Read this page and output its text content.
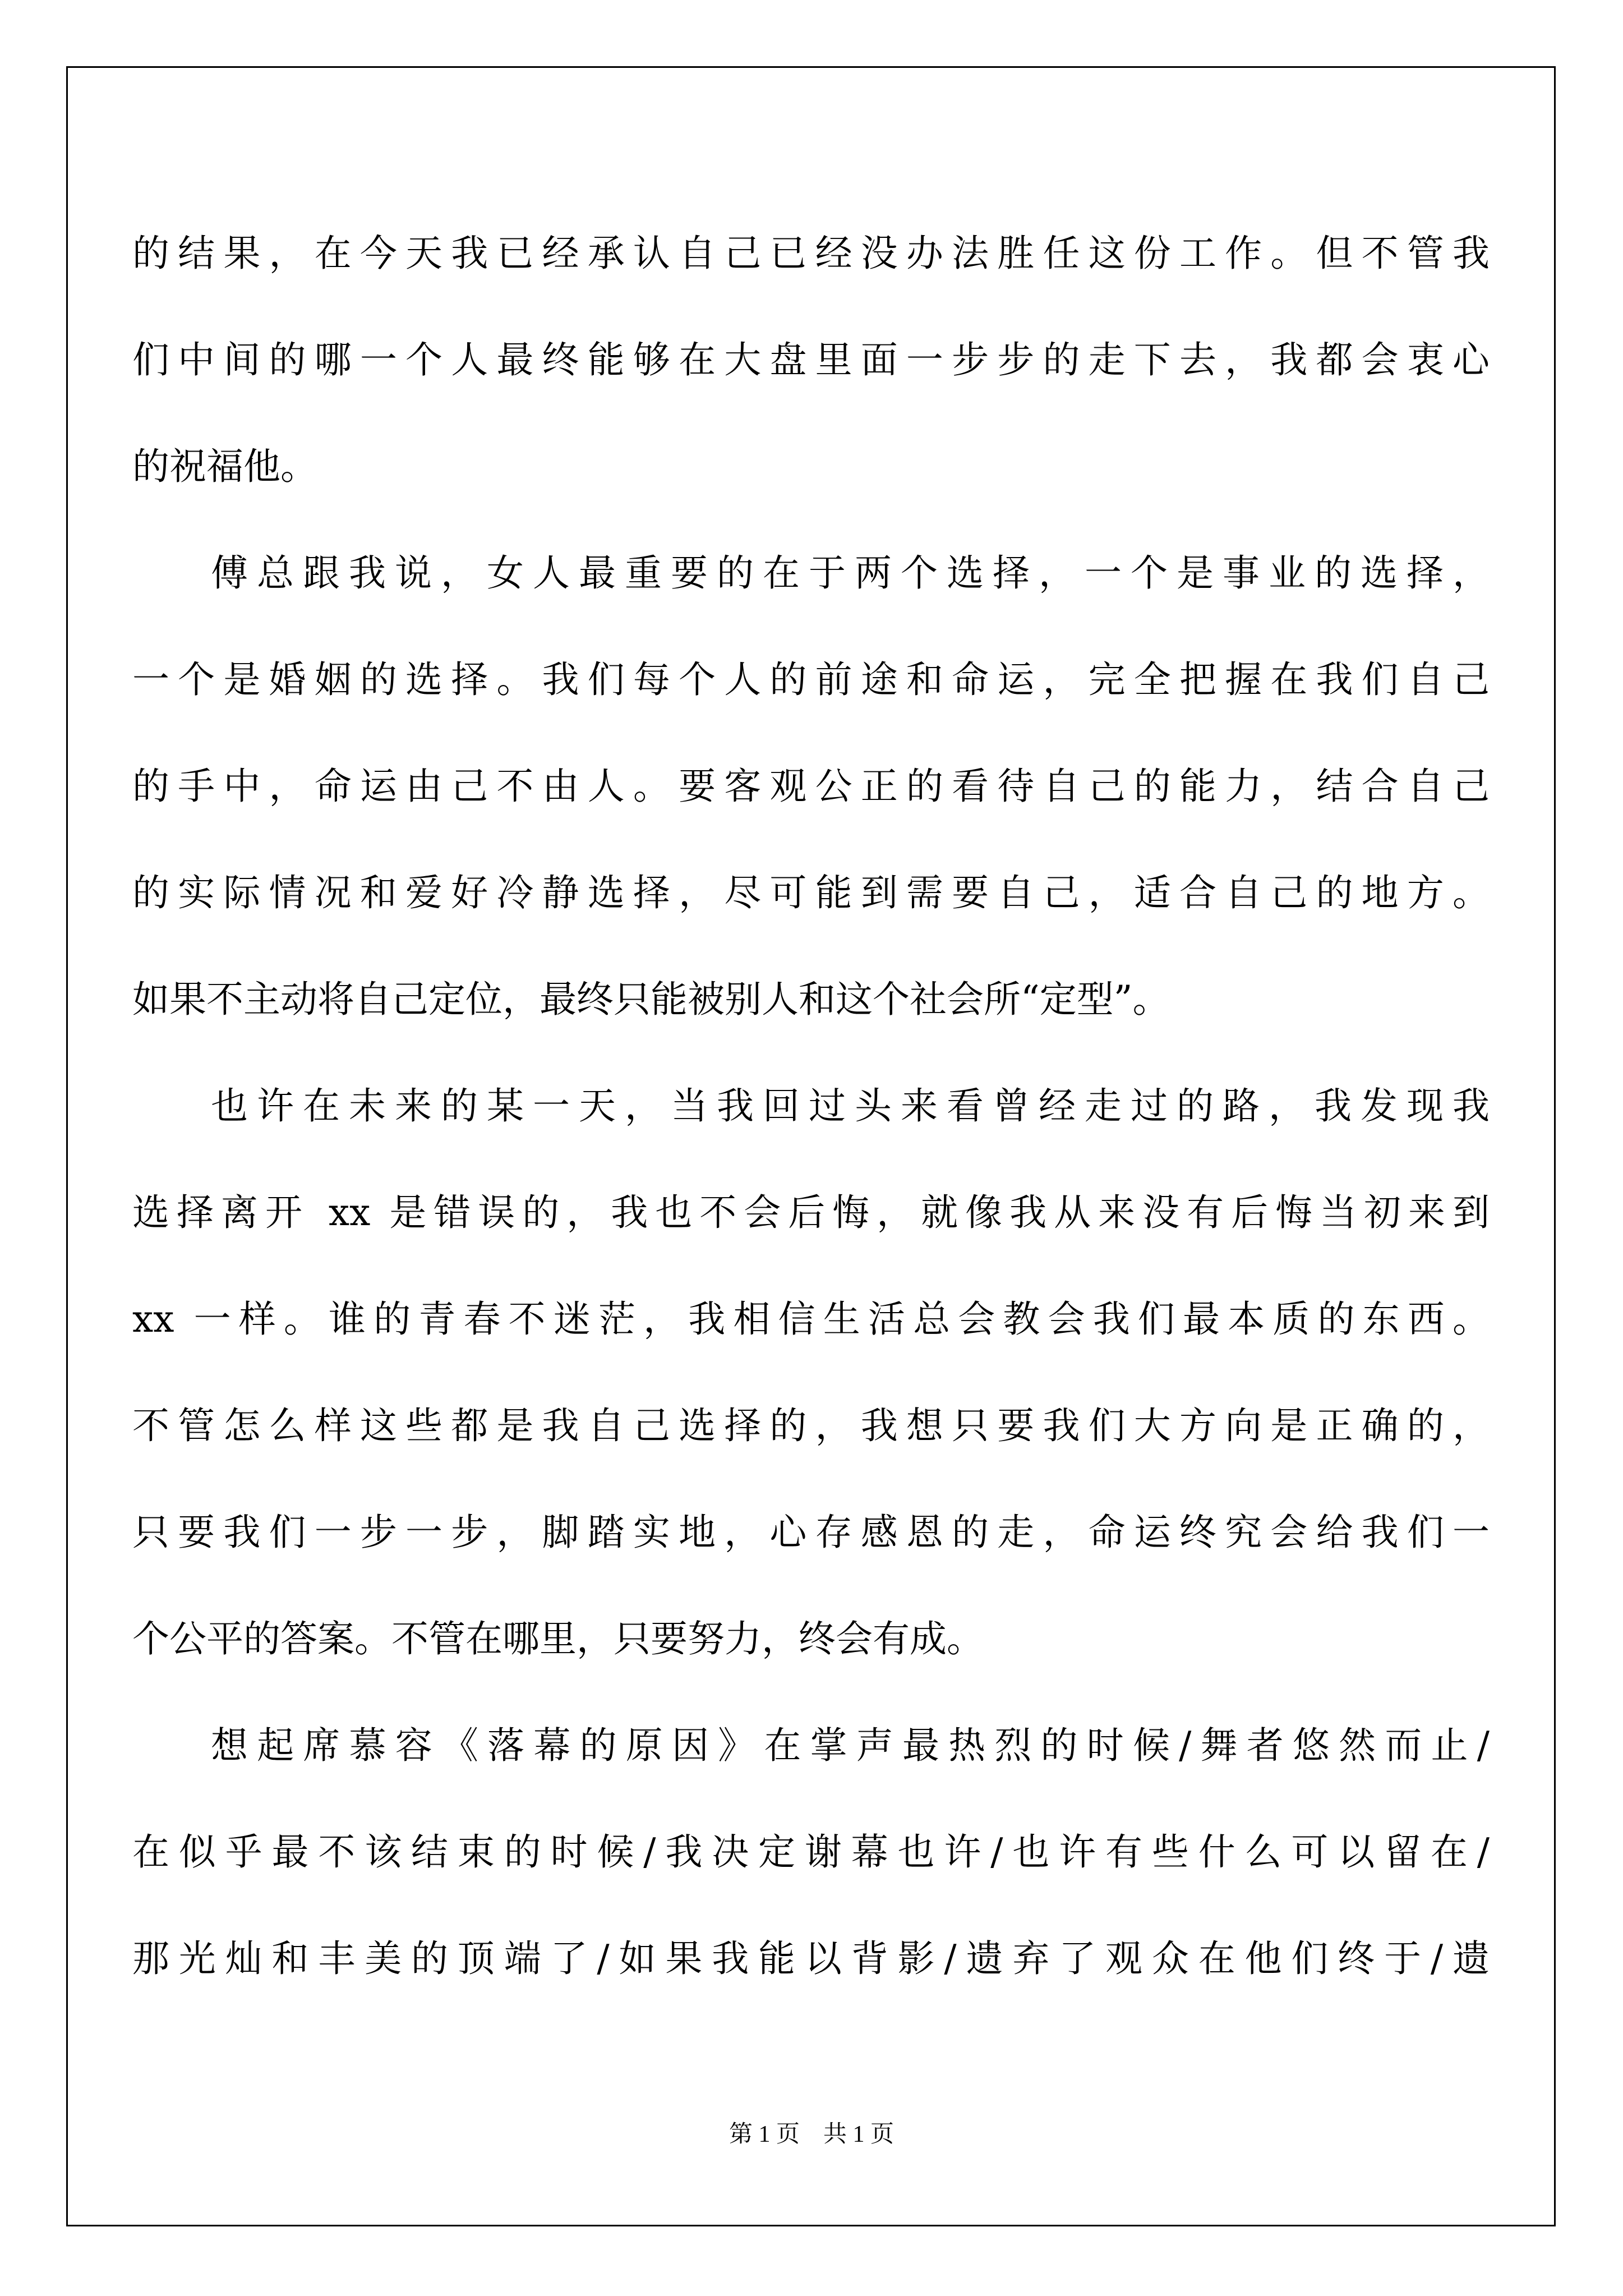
的结果，在今天我已经承认自己已经没办法胜任这份工作。但不管我
们中间的哪一个人最终能够在大盘里面一步步的走下去，我都会衷心
的祝福他。
傅总跟我说，女人最重要的在于两个选择，一个是事业的选择，
一个是婚姻的选择。我们每个人的前途和命运，完全把握在我们自己
的手中，命运由己不由人。要客观公正的看待自己的能力，结合自己
的实际情况和爱好冷静选择，尽可能到需要自己，适合自己的地方。
如果不主动将自己定位，最终只能被别人和这个社会所“定型”。
也许在未来的某一天，当我回过头来看曾经走过的路，我发现我
选择离开 xx 是错误的，我也不会后悔，就像我从来没有后悔当初来到
xx 一样。谁的青春不迷茫，我相信生活总会教会我们最本质的东西。
不管怎么样这些都是我自己选择的，我想只要我们大方向是正确的，
只要我们一步一步，脚踏实地，心存感恩的走，命运终究会给我们一
个公平的答案。不管在哪里，只要努力，终会有成。
想起席慕容《落幕的原因》在掌声最热烈的时候/舞者悠然而止/
在似乎最不该结束的时候/我决定谢幕也许/也许有些什么可以留在/
那光灿和丰美的顶端了/如果我能以背影/遗弃了观众在他们终于/遗
第 1 页    共 1 页
